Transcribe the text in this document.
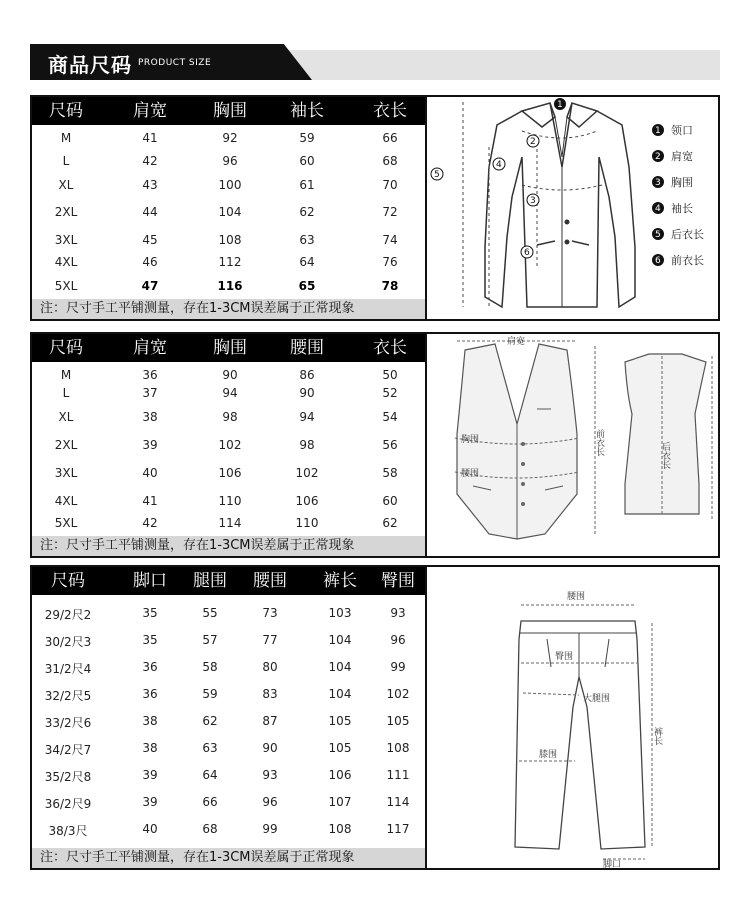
商品尺码 PRODUCT SIZE
尺码	肩宽	胸围	袖长	衣长
M	41	92	59	66
L	42	96	60	68
XL	43	100	61	70
2XL	44	104	62	72
3XL	45	108	63	74
4XL	46	112	64	76
5XL	47	116	65	78
注：尺寸手工平铺测量，存在1-3CM误差属于正常现象
1
2
3
4
5
6
1 领口
2 肩宽
3 胸围
4 袖长
5 后衣长
6 前衣长
尺码	肩宽	胸围	腰围	衣长
M	36	90	86	50
L	37	94	90	52
XL	38	98	94	54
2XL	39	102	98	56
3XL	40	106	102	58
4XL	41	110	106	60
5XL	42	114	110	62
注：尺寸手工平铺测量，存在1-3CM误差属于正常现象
肩宽
胸围
腰围
前衣长	后衣长
尺码	脚口	腿围	腰围	裤长	臀围
29/2尺2	35	55	73	103	93
30/2尺3	35	57	77	104	96
31/2尺4	36	58	80	104	99
32/2尺5	36	59	83	104	102
33/2尺6	38	62	87	105	105
34/2尺7	38	63	90	105	108
35/2尺8	39	64	93	106	111
36/2尺9	39	66	96	107	114
38/3尺	40	68	99	108	117
注：尺寸手工平铺测量，存在1-3CM误差属于正常现象
腰围
臀围
大腿围
膝围
裤长
脚口
